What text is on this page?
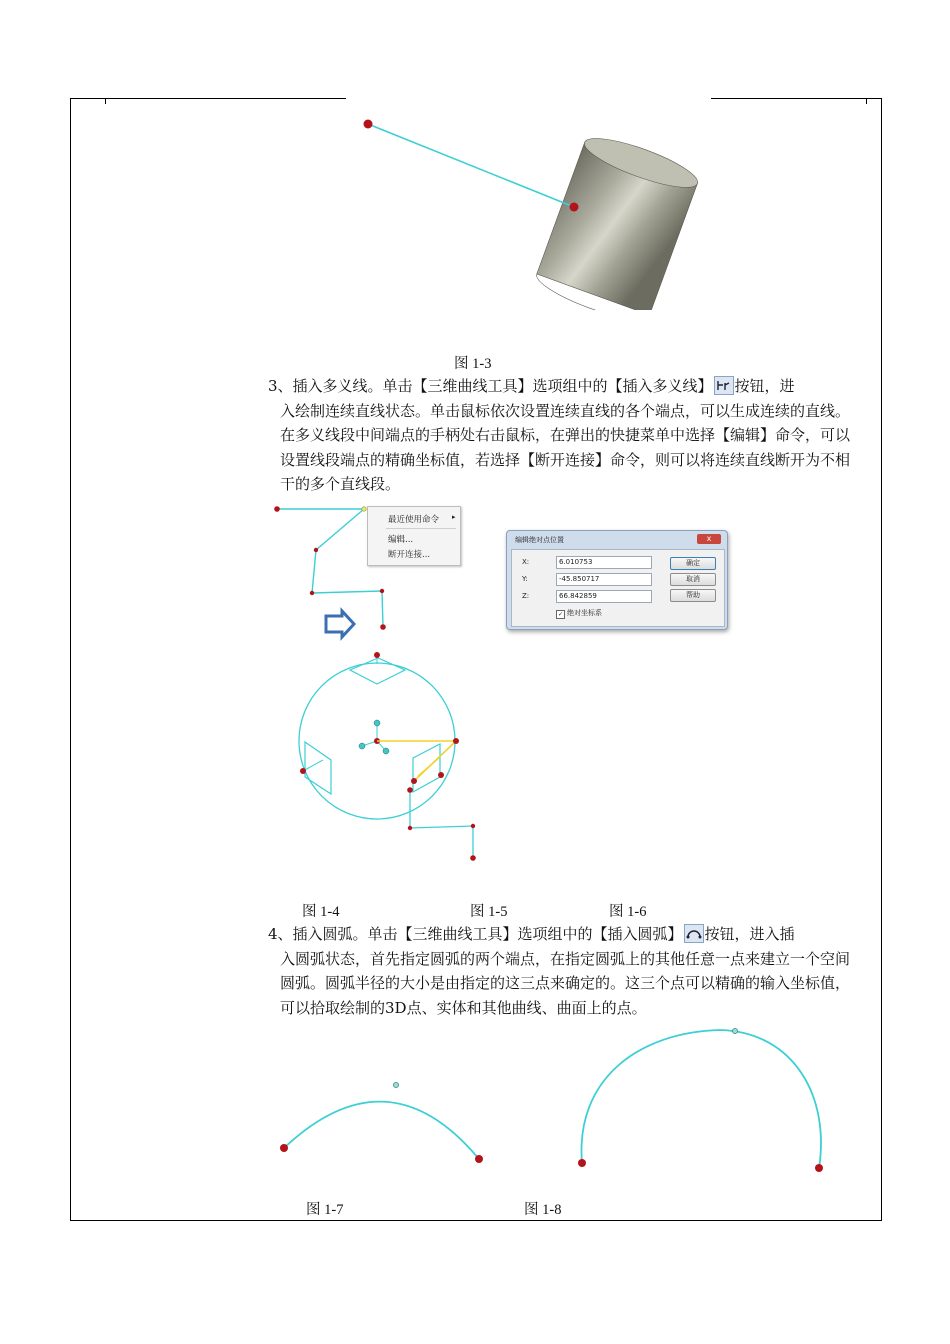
图 1-3
3、插入多义线。单击【三维曲线工具】选项组中的【插入多义线】 按钮，进
入绘制连续直线状态。单击鼠标依次设置连续直线的各个端点，可以生成连续的直线。在多义线段中间端点的手柄处右击鼠标，在弹出的快捷菜单中选择【编辑】命令，可以设置线段端点的精确坐标值，若选择【断开连接】命令，则可以将连续直线断开为不相干的多个直线段。
最近使用命令 ▸
编辑...
断开连接...
编辑绝对点位置	x
X:	6.010753
Y:	-45.850717
Z:	66.842859
确定
取消
帮助
✓ 绝对坐标系
图 1-4	图 1-5	图 1-6
4、插入圆弧。单击【三维曲线工具】选项组中的【插入圆弧】 按钮，进入插
入圆弧状态，首先指定圆弧的两个端点，在指定圆弧上的其他任意一点来建立一个空间圆弧。圆弧半径的大小是由指定的这三点来确定的。这三个点可以精确的输入坐标值，可以拾取绘制的3D点、实体和其他曲线、曲面上的点。
图 1-7	图 1-8
